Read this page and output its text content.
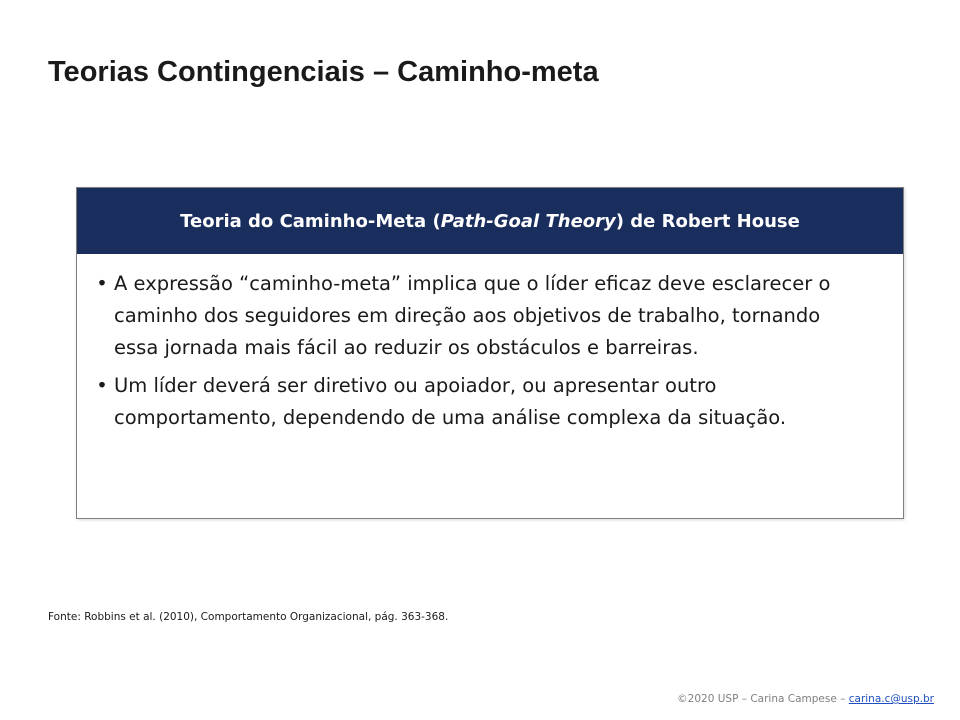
Teorias Contingenciais – Caminho-meta
Teoria do Caminho-Meta ( Path-Goal Theory ) de Robert House
• A expressão “caminho-meta” implica que o líder eficaz deve esclarecer o caminho dos seguidores em direção aos objetivos de trabalho, tornando essa jornada mais fácil ao reduzir os obstáculos e barreiras.
• Um líder deverá ser diretivo ou apoiador, ou apresentar outro comportamento, dependendo de uma análise complexa da situação.
Fonte: Robbins et al. (2010), Comportamento Organizacional, pág. 363-368.
©2020 USP – Carina Campese – carina.c@usp.br
